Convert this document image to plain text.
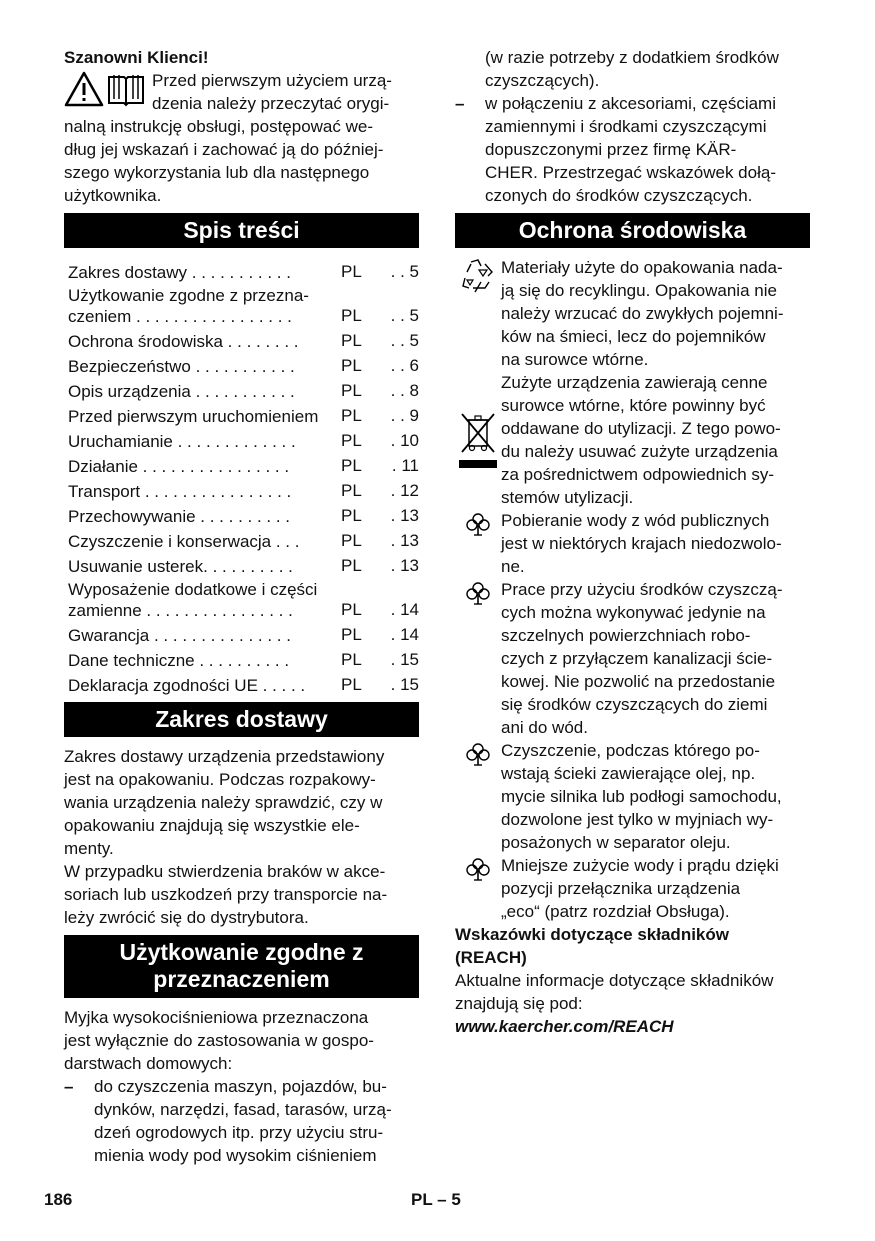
Szanowni Klienci!

Przed pierwszym użyciem urzą-
dzenia należy przeczytać orygi-

nalną instrukcję obsługi, postępować we-
dług jej wskazań i zachować ją do później-
szego wykorzystania lub dla następnego
użytkownika.

Spis treści
Zakres dostawy . . . . . . . . . . .	PL	. . 5
Użytkowanie zgodne z przezna-
czeniem . . . . . . . . . . . . . . . . .	PL	. . 5
Ochrona środowiska . . . . . . . .	PL	. . 5
Bezpieczeństwo . . . . . . . . . . .	PL	. . 6
Opis urządzenia . . . . . . . . . . .	PL	. . 8
Przed pierwszym uruchomieniem	PL	. . 9
Uruchamianie . . . . . . . . . . . . .	PL	. 10
Działanie . . . . . . . . . . . . . . . .	PL	. 11
Transport . . . . . . . . . . . . . . . .	PL	. 12
Przechowywanie . . . . . . . . . .	PL	. 13
Czyszczenie i konserwacja . . .	PL	. 13
Usuwanie usterek. . . . . . . . . .	PL	. 13
Wyposażenie dodatkowe i części
zamienne . . . . . . . . . . . . . . . .	PL	. 14
Gwarancja . . . . . . . . . . . . . . .	PL	. 14
Dane techniczne . . . . . . . . . .	PL	. 15
Deklaracja zgodności UE . . . . .	PL	. 15
Zakres dostawy

Zakres dostawy urządzenia przedstawiony
jest na opakowaniu. Podczas rozpakowy-
wania urządzenia należy sprawdzić, czy w
opakowaniu znajdują się wszystkie ele-
menty.

W przypadku stwierdzenia braków w akce-
soriach lub uszkodzeń przy transporcie na-
leży zwrócić się do dystrybutora.

Użytkowanie zgodne z
przeznaczeniem

Myjka wysokociśnieniowa przeznaczona
jest wyłącznie do zastosowania w gospo-
darstwach domowych:

–	do czyszczenia maszyn, pojazdów, bu-
dynków, narzędzi, fasad, tarasów, urzą-
dzeń ogrodowych itp. przy użyciu stru-
mienia wody pod wysokim ciśnieniem

(w razie potrzeby z dodatkiem środków
czyszczących).

–	w połączeniu z akcesoriami, częściami
zamiennymi i środkami czyszczącymi
dopuszczonymi przez firmę KÄR-
CHER. Przestrzegać wskazówek dołą-
czonych do środków czyszczących.

Ochrona środowiska

Materiały użyte do opakowania nada-
ją się do recyklingu. Opakowania nie
należy wrzucać do zwykłych pojemni-
ków na śmieci, lecz do pojemników
na surowce wtórne.

Zużyte urządzenia zawierają cenne
surowce wtórne, które powinny być
oddawane do utylizacji. Z tego powo-
du należy usuwać zużyte urządzenia
za pośrednictwem odpowiednich sy-
stemów utylizacji.

Pobieranie wody z wód publicznych
jest w niektórych krajach niedozwolo-
ne.

Prace przy użyciu środków czyszczą-
cych można wykonywać jedynie na
szczelnych powierzchniach robo-
czych z przyłączem kanalizacji ście-
kowej. Nie pozwolić na przedostanie
się środków czyszczących do ziemi
ani do wód.

Czyszczenie, podczas którego po-
wstają ścieki zawierające olej, np.
mycie silnika lub podłogi samochodu,
dozwolone jest tylko w myjniach wy-
posażonych w separator oleju.

Mniejsze zużycie wody i prądu dzięki
pozycji przełącznika urządzenia
„eco“ (patrz rozdział Obsługa).

Wskazówki dotyczące składników
(REACH)

Aktualne informacje dotyczące składników
znajdują się pod:

www.kaercher.com/REACH

186	PL – 5
